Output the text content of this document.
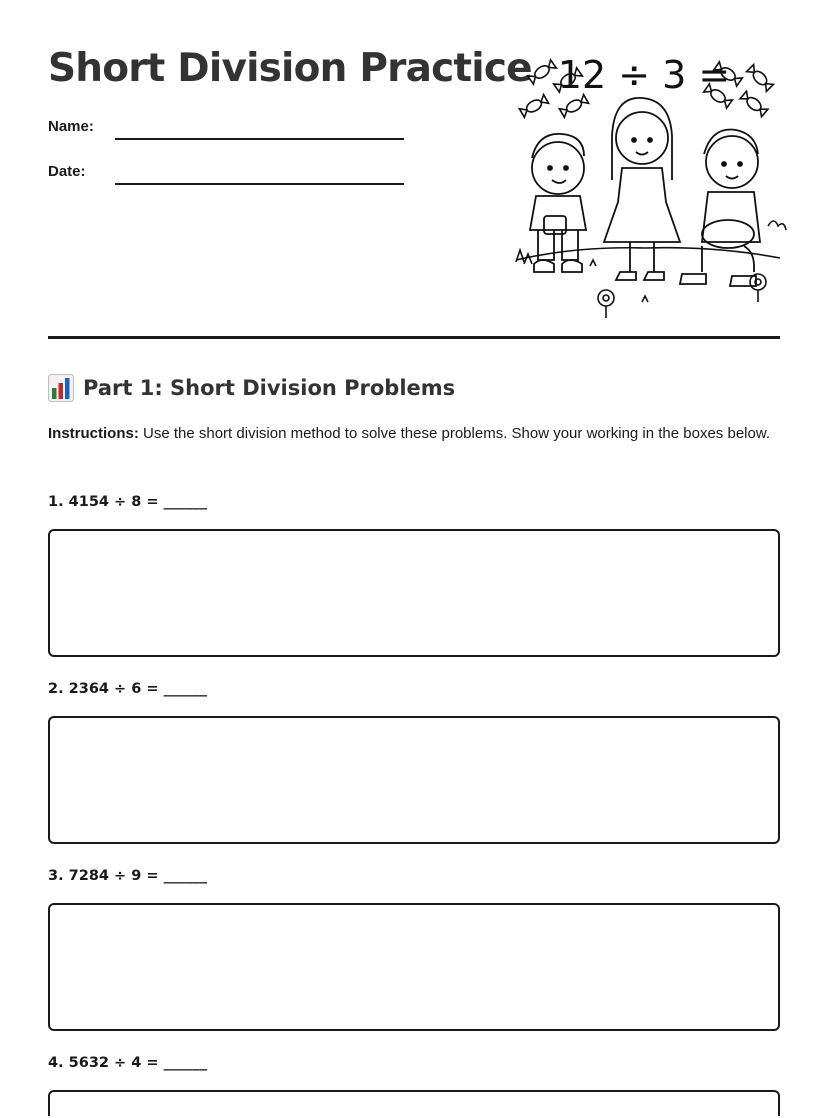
Short Division Practice
Name:
Date:
12 ÷ 3 =
Part 1: Short Division Problems

Instructions: Use the short division method to solve these problems. Show your working in the boxes below.

1. 4154 ÷ 8 = ______
2. 2364 ÷ 6 = ______
3. 7284 ÷ 9 = ______
4. 5632 ÷ 4 = ______
